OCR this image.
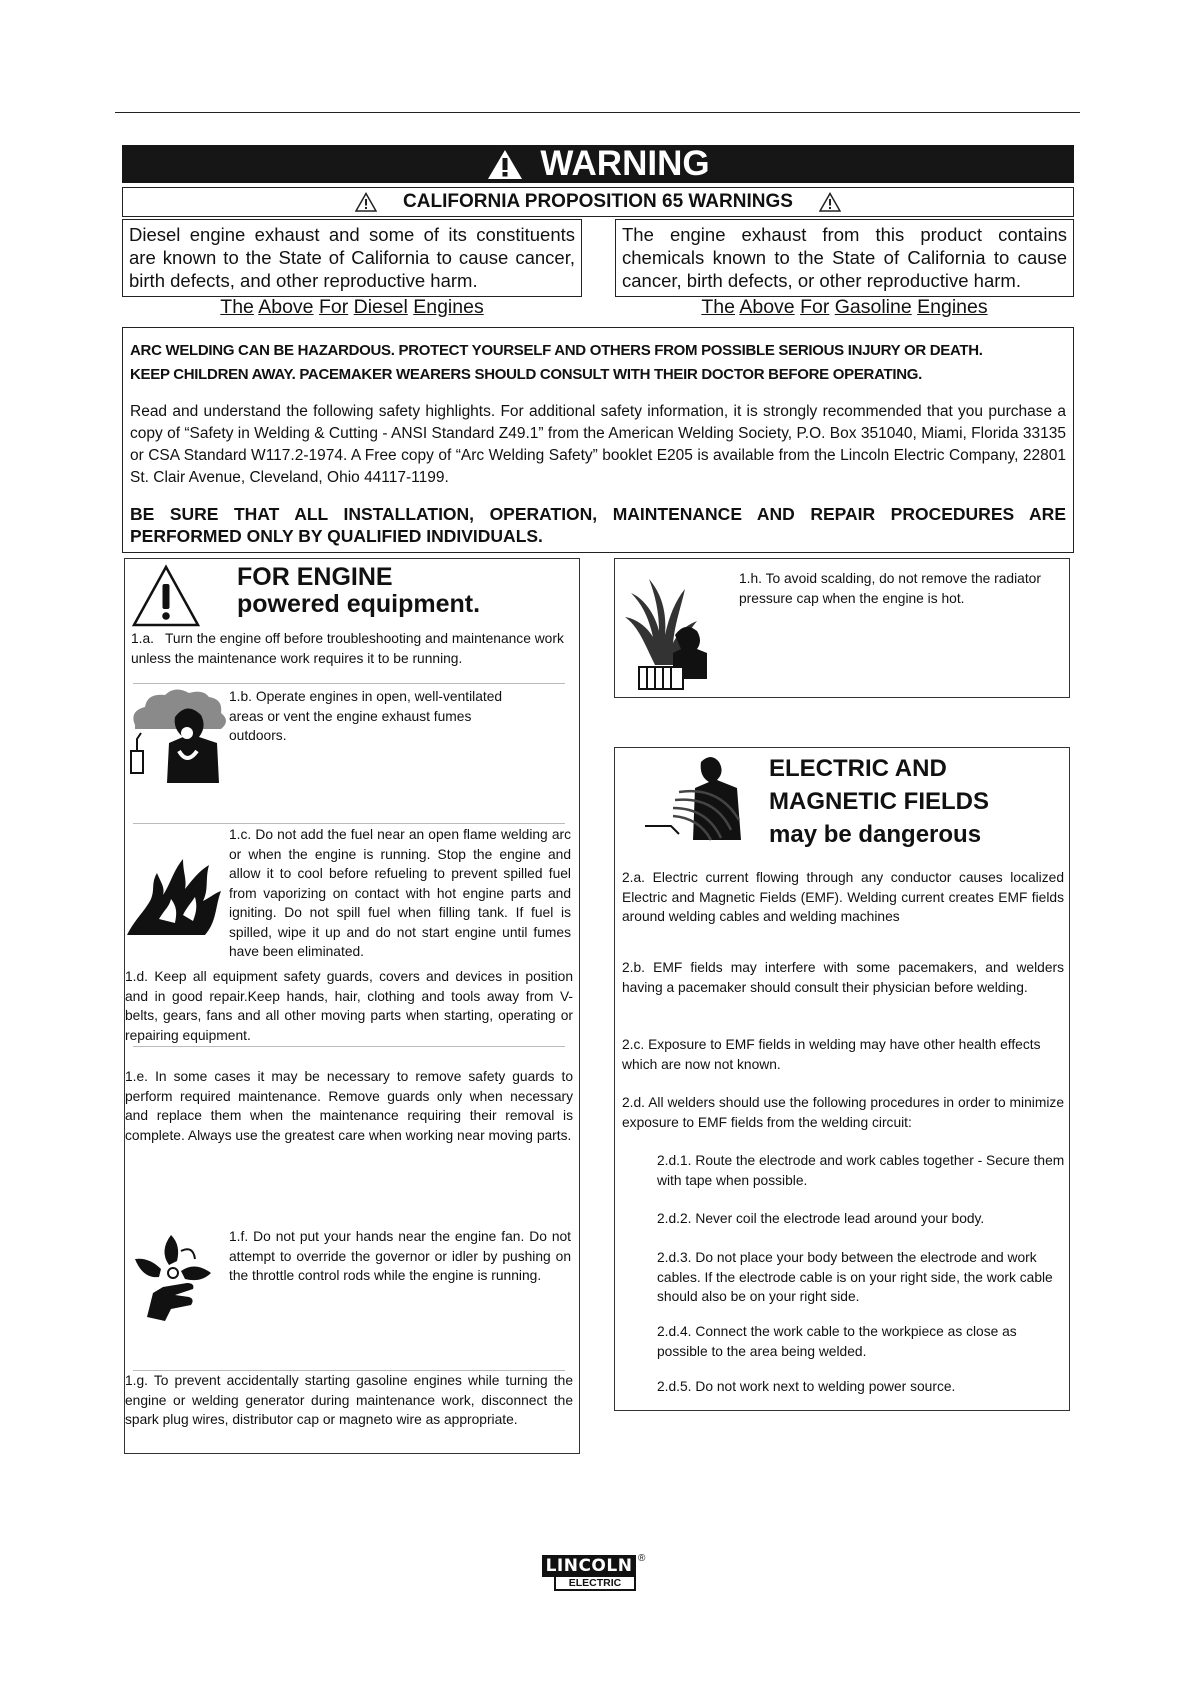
WARNING
CALIFORNIA PROPOSITION 65 WARNINGS
Diesel engine exhaust and some of its constituents are known to the State of California to cause cancer, birth defects, and other reproductive harm.
The engine exhaust from this product contains chemicals known to the State of California to cause cancer, birth defects, or other reproductive harm.
The Above For Diesel Engines	The Above For Gasoline Engines
ARC WELDING CAN BE HAZARDOUS. PROTECT YOURSELF AND OTHERS FROM POSSIBLE SERIOUS INJURY OR DEATH.
KEEP CHILDREN AWAY. PACEMAKER WEARERS SHOULD CONSULT WITH THEIR DOCTOR BEFORE OPERATING.
Read and understand the following safety highlights. For additional safety information, it is strongly recommended that you purchase a copy of “Safety in Welding & Cutting - ANSI Standard Z49.1” from the American Welding Society, P.O. Box 351040, Miami, Florida 33135 or CSA Standard W117.2-1974. A Free copy of “Arc Welding Safety” booklet E205 is available from the Lincoln Electric Company, 22801 St. Clair Avenue, Cleveland, Ohio 44117-1199.
BE SURE THAT ALL INSTALLATION, OPERATION, MAINTENANCE AND REPAIR PROCEDURES ARE PERFORMED ONLY BY QUALIFIED INDIVIDUALS.
FOR ENGINE
powered equipment.
1.a. Turn the engine off before troubleshooting and maintenance work unless the maintenance work requires it to be running.
1.b. Operate engines in open, well-ventilated areas or vent the engine exhaust fumes outdoors.
1.c. Do not add the fuel near an open flame welding arc or when the engine is running. Stop the engine and allow it to cool before refueling to prevent spilled fuel from vaporizing on contact with hot engine parts and igniting. Do not spill fuel when filling tank. If fuel is spilled, wipe it up and do not start engine until fumes have been eliminated.
1.d. Keep all equipment safety guards, covers and devices in position and in good repair.Keep hands, hair, clothing and tools away from V-belts, gears, fans and all other moving parts when starting, operating or repairing equipment.
1.e. In some cases it may be necessary to remove safety guards to perform required maintenance. Remove guards only when necessary and replace them when the maintenance requiring their removal is complete. Always use the greatest care when working near moving parts.
1.f. Do not put your hands near the engine fan. Do not attempt to override the governor or idler by pushing on the throttle control rods while the engine is running.
1.g. To prevent accidentally starting gasoline engines while turning the engine or welding generator during maintenance work, disconnect the spark plug wires, distributor cap or magneto wire as appropriate.
1.h. To avoid scalding, do not remove the radiator pressure cap when the engine is hot.
ELECTRIC AND
MAGNETIC FIELDS
may be dangerous
2.a. Electric current flowing through any conductor causes localized Electric and Magnetic Fields (EMF). Welding current creates EMF fields around welding cables and welding machines
2.b. EMF fields may interfere with some pacemakers, and welders having a pacemaker should consult their physician before welding.
2.c. Exposure to EMF fields in welding may have other health effects which are now not known.
2.d. All welders should use the following procedures in order to minimize exposure to EMF fields from the welding circuit:
2.d.1. Route the electrode and work cables together - Secure them with tape when possible.
2.d.2. Never coil the electrode lead around your body.
2.d.3. Do not place your body between the electrode and work cables. If the electrode cable is on your right side, the work cable should also be on your right side.
2.d.4. Connect the work cable to the workpiece as close as possible to the area being welded.
2.d.5. Do not work next to welding power source.
LINCOLN ®
ELECTRIC
